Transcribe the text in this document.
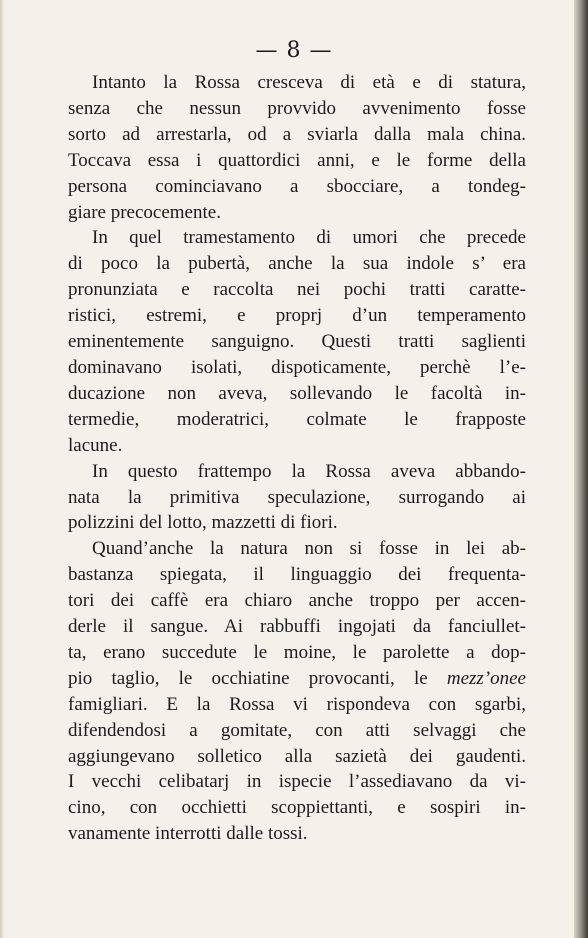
— 8 —
Intanto la Rossa cresceva di età e di statura,
senza che nessun provvido avvenimento fosse
sorto ad arrestarla, od a sviarla dalla mala china.
Toccava essa i quattordici anni, e le forme della
persona cominciavano a sbocciare, a tondeg-
giare precocemente.
In quel tramestamento di umori che precede
di poco la pubertà, anche la sua indole s’ era
pronunziata e raccolta nei pochi tratti caratte-
ristici, estremi, e proprj d’un temperamento
eminentemente sanguigno. Questi tratti saglienti
dominavano isolati, dispoticamente, perchè l’e-
ducazione non aveva, sollevando le facoltà in-
termedie, moderatrici, colmate le frapposte
lacune.
In questo frattempo la Rossa aveva abbando-
nata la primitiva speculazione, surrogando ai
polizzini del lotto, mazzetti di fiori.
Quand’anche la natura non si fosse in lei ab-
bastanza spiegata, il linguaggio dei frequenta-
tori dei caffè era chiaro anche troppo per accen-
derle il sangue. Ai rabbuffi ingojati da fanciullet-
ta, erano succedute le moine, le parolette a dop-
pio taglio, le occhiatine provocanti, le mezz’onee
famigliari. E la Rossa vi rispondeva con sgarbi,
difendendosi a gomitate, con atti selvaggi che
aggiungevano solletico alla sazietà dei gaudenti.
I vecchi celibatarj in ispecie l’assediavano da vi-
cino, con occhietti scoppiettanti, e sospiri in-
vanamente interrotti dalle tossi.
